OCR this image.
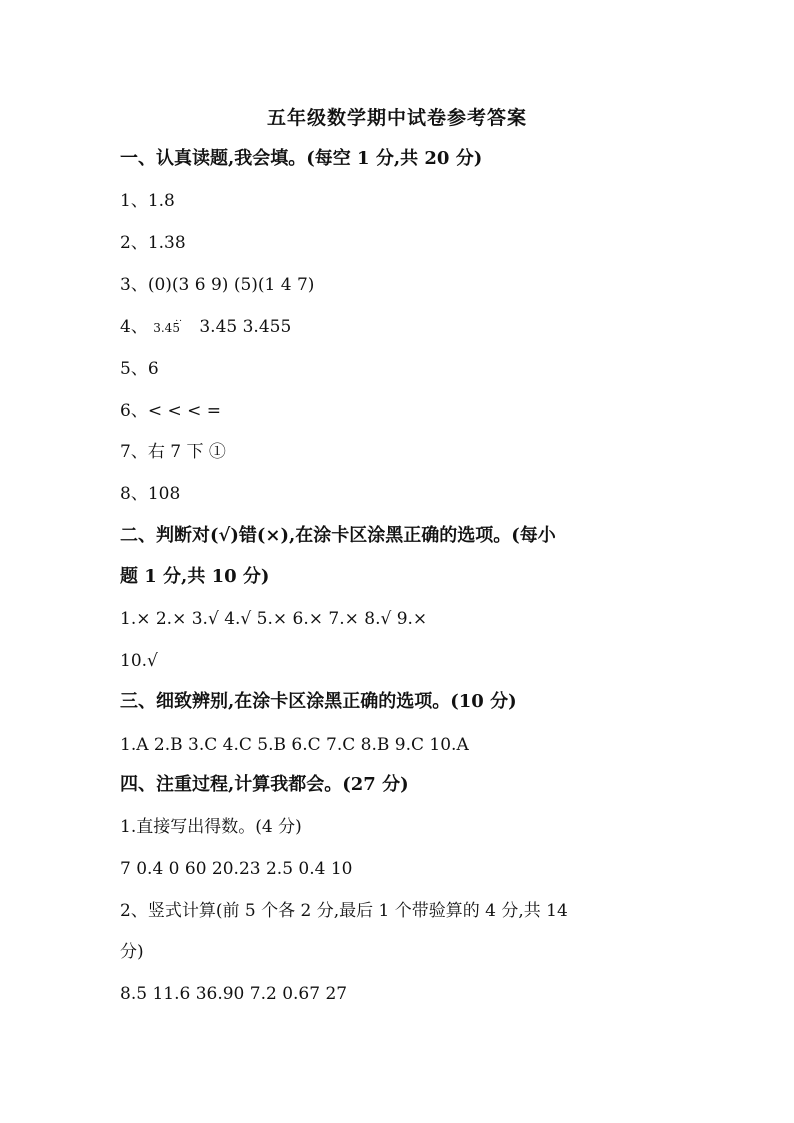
五年级数学期中试卷参考答案
一、认真读题,我会填。(每空 1 分,共 20 分)
1、1.8
2、1.38
3、(0)(3 6 9) (5)(1 4 7)
4、 3.45
.. 3.45 3.455
5、6
6、< < < =
7、右 7 下 ①
8、108
二、判断对(√)错(×),在涂卡区涂黑正确的选项。(每小
题 1 分,共 10 分)
1.× 2.× 3.√ 4.√ 5.× 6.× 7.× 8.√ 9.×
10.√
三、细致辨别,在涂卡区涂黑正确的选项。(10 分)
1.A 2.B 3.C 4.C 5.B 6.C 7.C 8.B 9.C 10.A
四、注重过程,计算我都会。(27 分)
1.直接写出得数。(4 分)
7 0.4 0 60 20.23 2.5 0.4 10
2、竖式计算(前 5 个各 2 分,最后 1 个带验算的 4 分,共 14
分)
8.5 11.6 36.90 7.2 0.67 27
